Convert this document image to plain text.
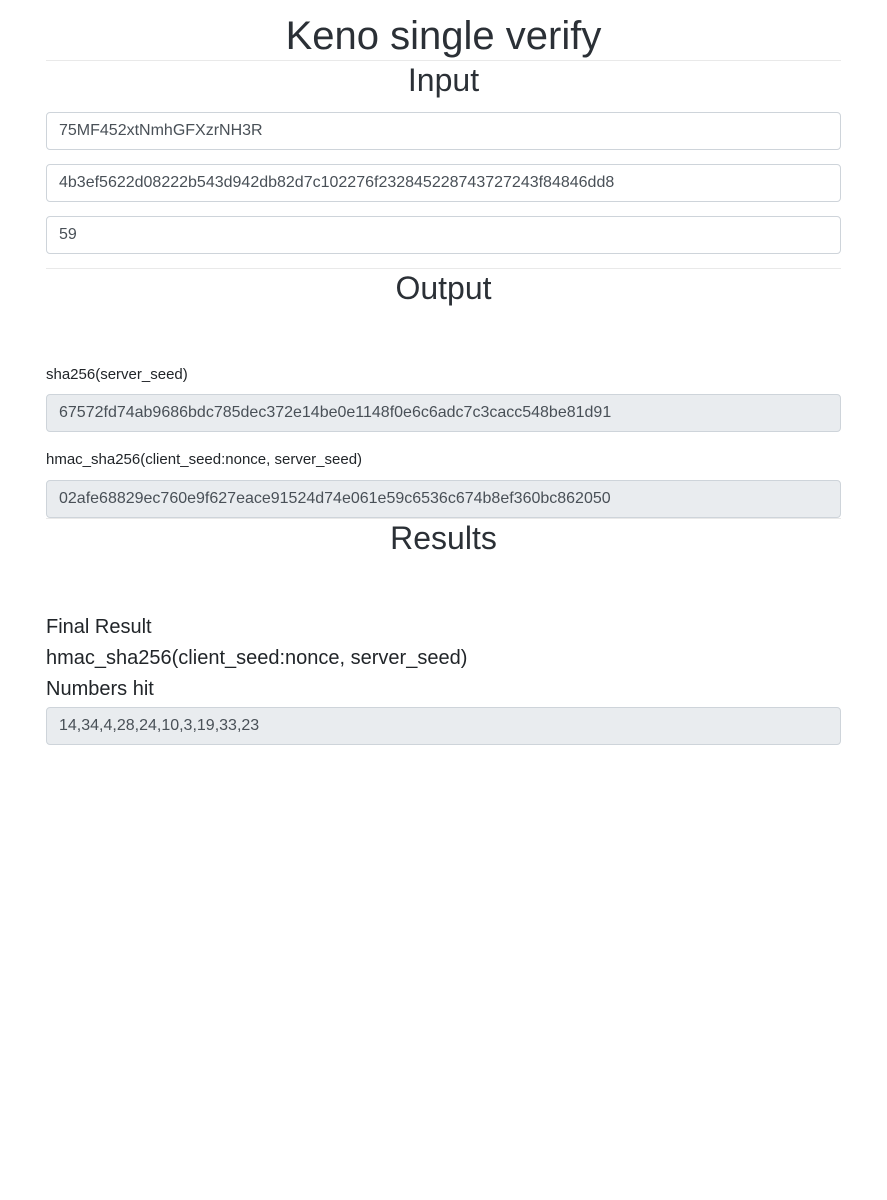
Keno single verify
Input
75MF452xtNmhGFXzrNH3R
4b3ef5622d08222b543d942db82d7c102276f232845228743727243f84846dd8
59
Output
sha256(server_seed)
67572fd74ab9686bdc785dec372e14be0e1148f0e6c6adc7c3cacc548be81d91
hmac_sha256(client_seed:nonce, server_seed)
02afe68829ec760e9f627eace91524d74e061e59c6536c674b8ef360bc862050
Results
Final Result
hmac_sha256(client_seed:nonce, server_seed)
Numbers hit
14,34,4,28,24,10,3,19,33,23
